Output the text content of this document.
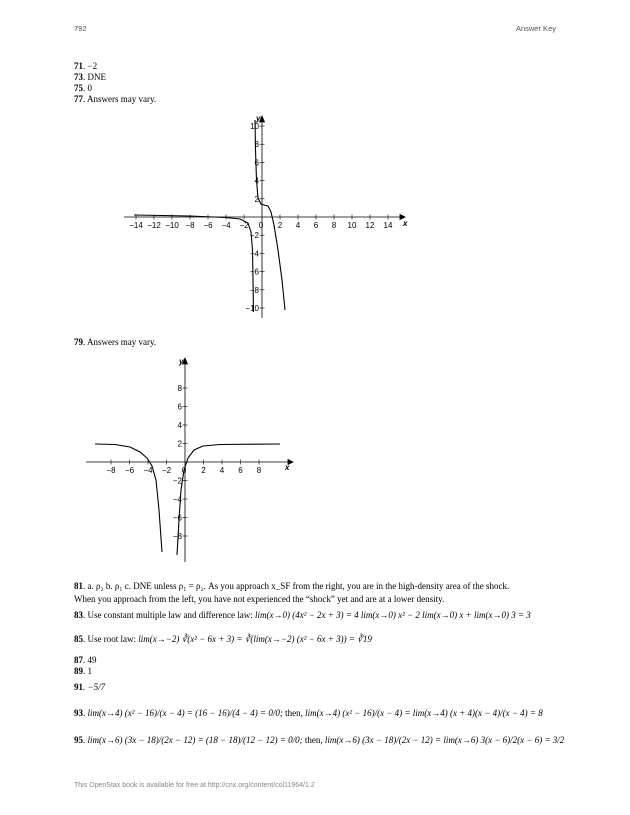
792	Answer Key
71. −2
73. DNE
75. 0
77. Answers may vary.
−14 −12 −10 −8 −6 −4 −2 0 2 4 6 8 10 12 14
10
8
6
4
2
−2
−4
−6
−8
−10
x
y
79. Answers may vary.
−8 −6 −4 −2 0 2 4 6 8
8
6
4
2
−2
−4
−6
−8
x
y
81. a. ρ₂ b. ρ₁ c. DNE unless ρ₁ = ρ₂. As you approach x_SF from the right, you are in the high-density area of the shock.
When you approach from the left, you have not experienced the “shock” yet and are at a lower density.
83. Use constant multiple law and difference law: lim(x→0) (4x² − 2x + 3) = 4 lim(x→0) x² − 2 lim(x→0) x + lim(x→0) 3 = 3
85. Use root law: lim(x→−2) ∛(x² − 6x + 3) = ∛(lim(x→−2) (x² − 6x + 3)) = ∛19
87. 49
89. 1
91. −5/7
93. lim(x→4) (x² − 16)/(x − 4) = (16 − 16)/(4 − 4) = 0/0; then, lim(x→4) (x² − 16)/(x − 4) = lim(x→4) (x + 4)(x − 4)/(x − 4) = 8
95. lim(x→6) (3x − 18)/(2x − 12) = (18 − 18)/(12 − 12) = 0/0; then, lim(x→6) (3x − 18)/(2x − 12) = lim(x→6) 3(x − 6)/2(x − 6) = 3/2
This OpenStax book is available for free at http://cnx.org/content/col11964/1.2
